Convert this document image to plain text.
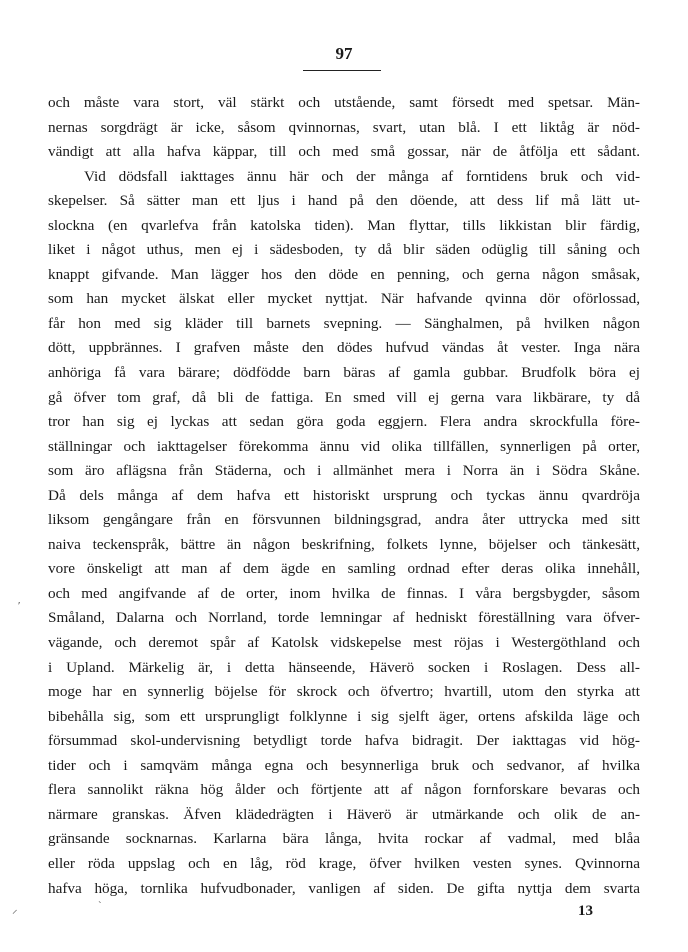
97
och måste vara stort, väl stärkt och utstående, samt försedt med spetsar. Män-
nernas sorgdrägt är icke, såsom qvinnornas, svart, utan blå. I ett liktåg är nöd-
vändigt att alla hafva käppar, till och med små gossar, när de åtfölja ett sådant.
Vid dödsfall iakttages ännu här och der många af forntidens bruk och vid-
skepelser. Så sätter man ett ljus i hand på den döende, att dess lif må lätt ut-
slockna (en qvarlefva från katolska tiden). Man flyttar, tills likkistan blir färdig,
liket i något uthus, men ej i sädesboden, ty då blir säden odüglig till såning och
knappt gifvande. Man lägger hos den döde en penning, och gerna någon småsak,
som han mycket älskat eller mycket nyttjat. När hafvande qvinna dör oförlossad,
får hon med sig kläder till barnets svepning. — Sänghalmen, på hvilken någon
dött, uppbrännes. I grafven måste den dödes hufvud vändas åt vester. Inga nära
anhöriga få vara bärare; dödfödde barn bäras af gamla gubbar. Brudfolk böra ej
gå öfver tom graf, då bli de fattiga. En smed vill ej gerna vara likbärare, ty då
tror han sig ej lyckas att sedan göra goda eggjern. Flera andra skrockfulla före-
ställningar och iakttagelser förekomma ännu vid olika tillfällen, synnerligen på orter,
som äro aflägsna från Städerna, och i allmänhet mera i Norra än i Södra Skåne.
Då dels många af dem hafva ett historiskt ursprung och tyckas ännu qvardröja
liksom gengångare från en försvunnen bildningsgrad, andra åter uttrycka med sitt
naiva teckenspråk, bättre än någon beskrifning, folkets lynne, böjelser och tänkesätt,
vore önskeligt att man af dem ägde en samling ordnad efter deras olika innehåll,
och med angifvande af de orter, inom hvilka de finnas. I våra bergsbygder, såsom
Småland, Dalarna och Norrland, torde lemningar af hedniskt föreställning vara öfver-
vägande, och deremot spår af Katolsk vidskepelse mest röjas i Westergöthland och
i Upland. Märkelig är, i detta hänseende, Häverö socken i Roslagen. Dess all-
moge har en synnerlig böjelse för skrock och öfvertro; hvartill, utom den styrka att
bibehålla sig, som ett ursprungligt folklynne i sig sjelft äger, ortens afskilda läge och
försummad skol-undervisning betydligt torde hafva bidragit. Der iakttagas vid hög-
tider och i samqväm många egna och besynnerliga bruk och sedvanor, af hvilka
flera sannolikt räkna hög ålder och förtjente att af någon fornforskare bevaras och
närmare granskas. Äfven klädedrägten i Häverö är utmärkande och olik de an-
gränsande socknarnas. Karlarna bära långa, hvita rockar af vadmal, med blåa
eller röda uppslag och en låg, röd krage, öfver hvilken vesten synes. Qvinnorna
hafva höga, tornlika hufvudbonader, vanligen af siden. De gifta nyttja dem svarta
13
ʹ
⸝	ˋ
